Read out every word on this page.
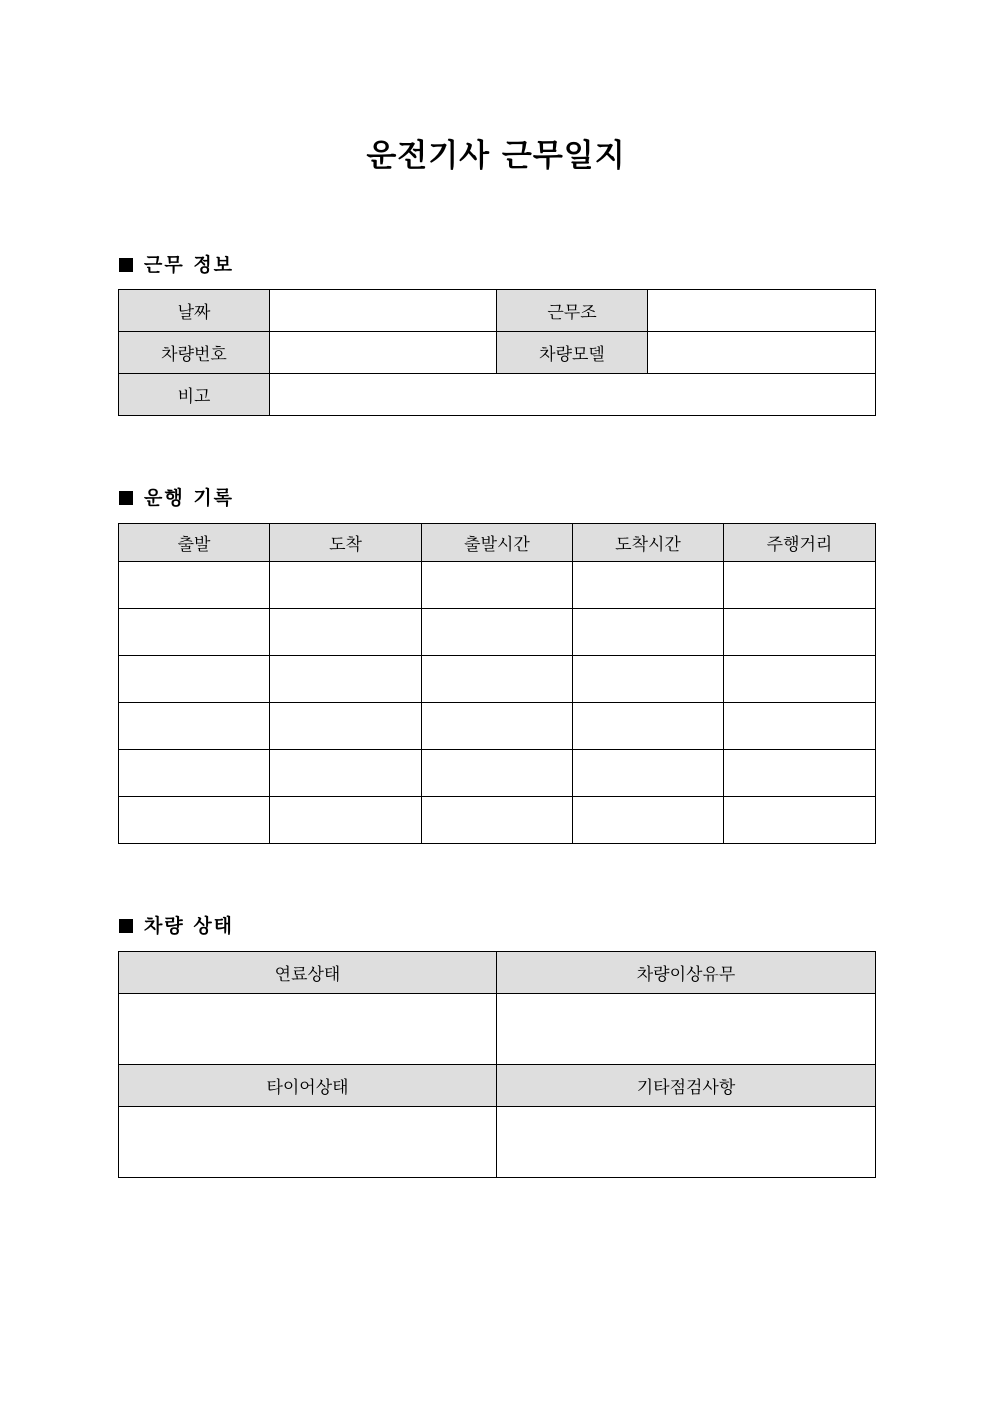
운전기사 근무일지
근무 정보
날짜		근무조	
차량번호		차량모델	
비고			
운행 기록
출발	도착	출발시간	도착시간	주행거리

차량 상태
연료상태	차량이상유무

타이어상태	기타점검사항
